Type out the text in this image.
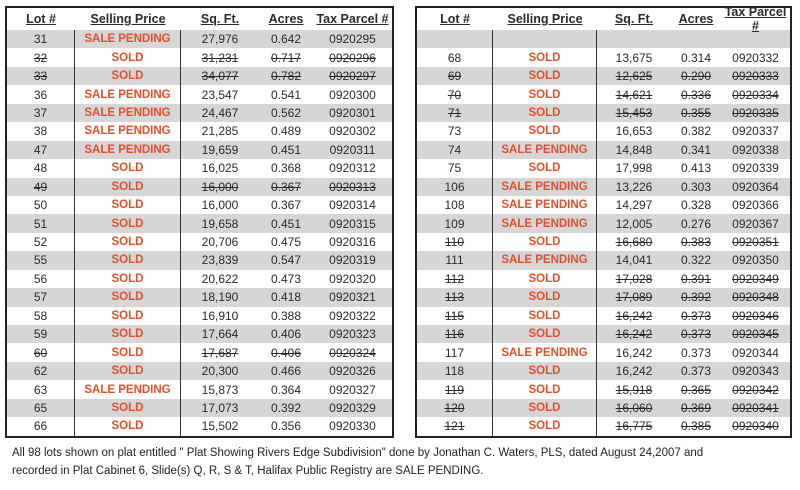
Lot #	Selling Price	Sq. Ft. Acres Tax Parcel #
31	SALE PENDING	27,976	0.642 0920295
32	SOLD	31,231	0.717 0920296
33	SOLD	34,077	0.782 0920297
36	SALE PENDING	23,547	0.541 0920300
37	SALE PENDING	24,467	0.562 0920301
38	SALE PENDING	21,285	0.489 0920302
47	SALE PENDING	19,659	0.451 0920311
48	SOLD	16,025	0.368 0920312
49	SOLD	16,000	0.367 0920313
50	SOLD	16,000	0.367 0920314
51	SOLD	19,658	0.451 0920315
52	SOLD	20,706	0.475 0920316
55	SOLD	23,839	0.547 0920319
56	SOLD	20,622	0.473 0920320
57	SOLD	18,190	0.418 0920321
58	SOLD	16,910	0.388 0920322
59	SOLD	17,664	0.406 0920323
60	SOLD	17,687	0.406 0920324
62	SOLD	20,300	0.466 0920326
63	SALE PENDING	15,873	0.364 0920327
65	SOLD	17,073	0.392 0920329
66	SOLD	15,502	0.356 0920330
Lot #	Selling Price	Sq. Ft. Acres Tax Parcel #
68	SOLD	13,675 0.314 0920332
69	SOLD	12,625 0.290 0920333
70	SOLD	14,621 0.336 0920334
71	SOLD	15,453 0.355 0920335
73	SOLD	16,653 0.382 0920337
74	SALE PENDING 14,848 0.341 0920338
75	SOLD	17,998 0.413 0920339
106	SALE PENDING 13,226 0.303 0920364
108	SALE PENDING 14,297 0.328 0920366
109	SALE PENDING 12,005 0.276 0920367
110	SOLD	16,680 0.383 0920351
111	SALE PENDING 14,041 0.322 0920350
112	SOLD	17,028 0.391 0920349
113	SOLD	17,089 0.392 0920348
115	SOLD	16,242 0.373 0920346
116	SOLD	16,242 0.373 0920345
117	SALE PENDING 16,242 0.373 0920344
118	SOLD	16,242 0.373 0920343
119	SOLD	15,918 0.365 0920342
120	SOLD	16,060 0.369 0920341
121	SOLD	16,775 0.385 0920340
All 98 lots shown on plat entitled " Plat Showing Rivers Edge Subdivision" done by Jonathan C. Waters, PLS, dated August 24,2007 and
recorded in Plat Cabinet 6, Slide(s) Q, R, S & T, Halifax Public Registry are SALE PENDING.
